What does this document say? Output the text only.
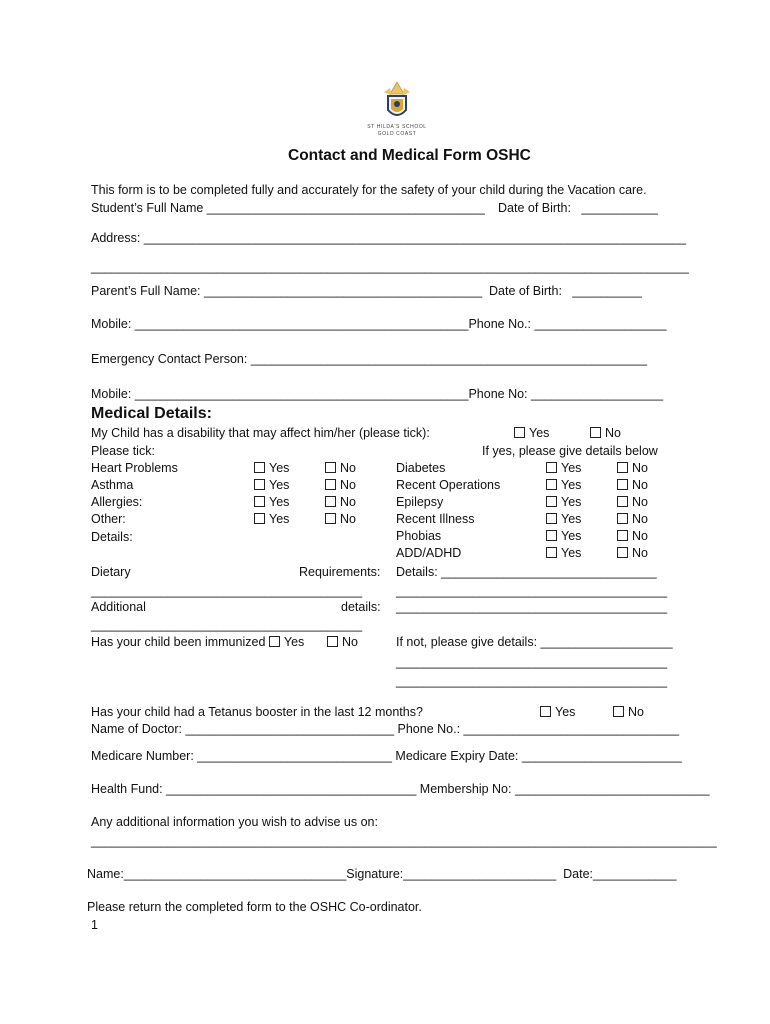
ST HILDA'S SCHOOL
GOLD COAST
Contact and Medical Form OSHC
This form is to be completed fully and accurately for the safety of your child during the Vacation care.
Student’s Full Name ________________________________________ Date of Birth:   ___________
Address: ______________________________________________________________________________
______________________________________________________________________________________
Parent’s Full Name: ________________________________________ Date of Birth:   __________
Mobile: ________________________________________________Phone No.: ___________________
Emergency Contact Person: _________________________________________________________
Mobile: ________________________________________________Phone No: ___________________
Medical Details:
My Child has a disability that may affect him/her (please tick):	Yes	No
Please tick:	If yes, please give details below
Heart Problems	Yes	No
Asthma	Yes	No
Allergies:	Yes	No
Other:	Yes	No
Diabetes	Yes	No
Recent Operations	Yes	No
Epilepsy	Yes	No
Recent Illness	Yes	No
Phobias	Yes	No
ADD/ADHD	Yes	No
Details:
Dietary	Requirements: Details: _______________________________
_______________________________________	_______________________________________
Additional	details: _______________________________________
_______________________________________
Has your child been immunized Yes	No	If not, please give details: ___________________
_______________________________________
_______________________________________
Has your child had a Tetanus booster in the last 12 months?	Yes	No
Name of Doctor: ______________________________ Phone No.: _______________________________
Medicare Number: ____________________________ Medicare Expiry Date: _______________________
Health Fund: ____________________________________ Membership No: ____________________________
Any additional information you wish to advise us on:
__________________________________________________________________________________________
Name:________________________________Signature:______________________  Date:____________
Please return the completed form to the OSHC Co-ordinator.
1
